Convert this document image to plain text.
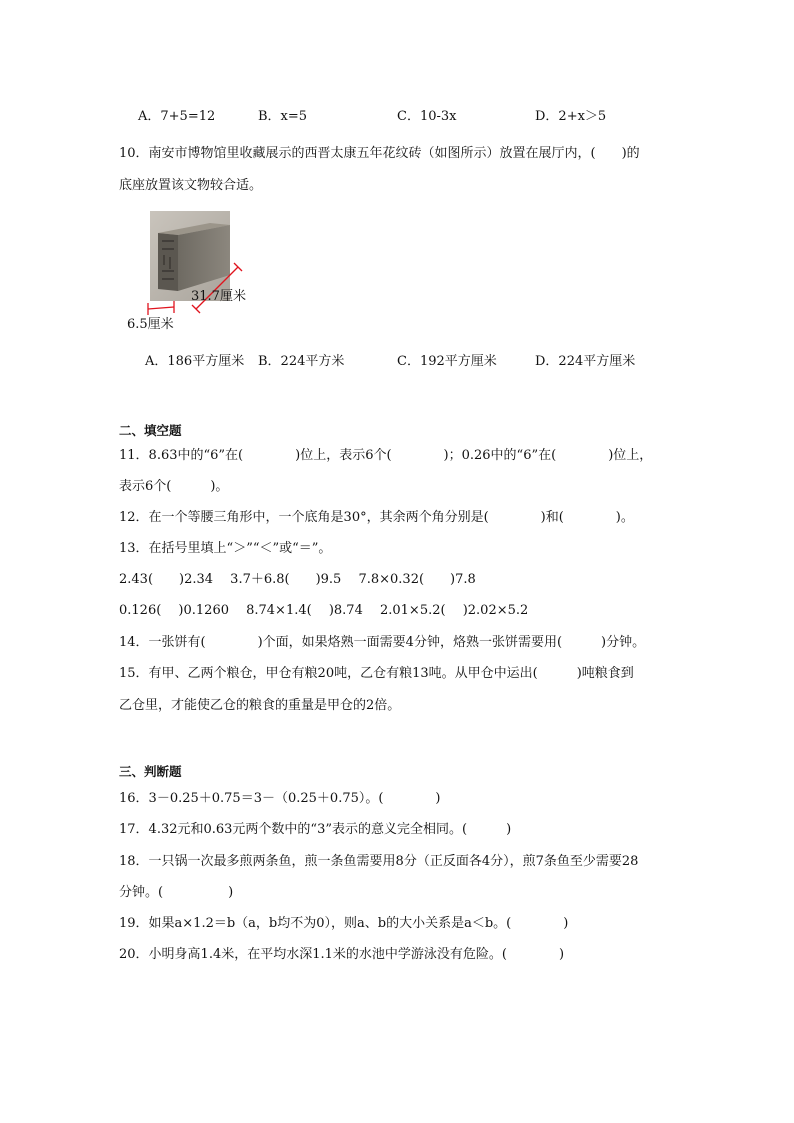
A．7+5=12	B．x=5	C．10-3x	D．2+x＞5
10．南安市博物馆里收藏展示的西晋太康五年花纹砖（如图所示）放置在展厅内，(　　)的
底座放置该文物较合适。
31.7厘米
6.5厘米
A．186平方厘米 B．224平方米	C．192平方厘米	D．224平方厘米
二、填空题
11．8.63中的“6”在(　　　　)位上，表示6个(　　　　)；0.26中的“6”在(　　　　)位上，
表示6个(　　　)。
12．在一个等腰三角形中，一个底角是30°，其余两个角分别是(　　　　)和(　　　　)。
13．在括号里填上“＞”“＜”或“＝”。
2.43(　　)2.34　 3.7＋6.8(　　)9.5　 7.8×0.32(　　)7.8
0.126(　 )0.1260　 8.74×1.4(　 )8.74　 2.01×5.2(　 )2.02×5.2
14．一张饼有(　　　　)个面，如果烙熟一面需要4分钟，烙熟一张饼需要用(　　　)分钟。
15．有甲、乙两个粮仓，甲仓有粮20吨，乙仓有粮13吨。从甲仓中运出(　　　)吨粮食到
乙仓里，才能使乙仓的粮食的重量是甲仓的2倍。
三、判断题
16．3－0.25＋0.75＝3－（0.25＋0.75）。(　　　　)
17．4.32元和0.63元两个数中的“3”表示的意义完全相同。(　　　)
18．一只锅一次最多煎两条鱼，煎一条鱼需要用8分（正反面各4分），煎7条鱼至少需要28
分钟。(　　　　　)
19．如果a×1.2＝b（a，b均不为0），则a、b的大小关系是a＜b。(　　　　)
20．小明身高1.4米，在平均水深1.1米的水池中学游泳没有危险。(　　　　)
